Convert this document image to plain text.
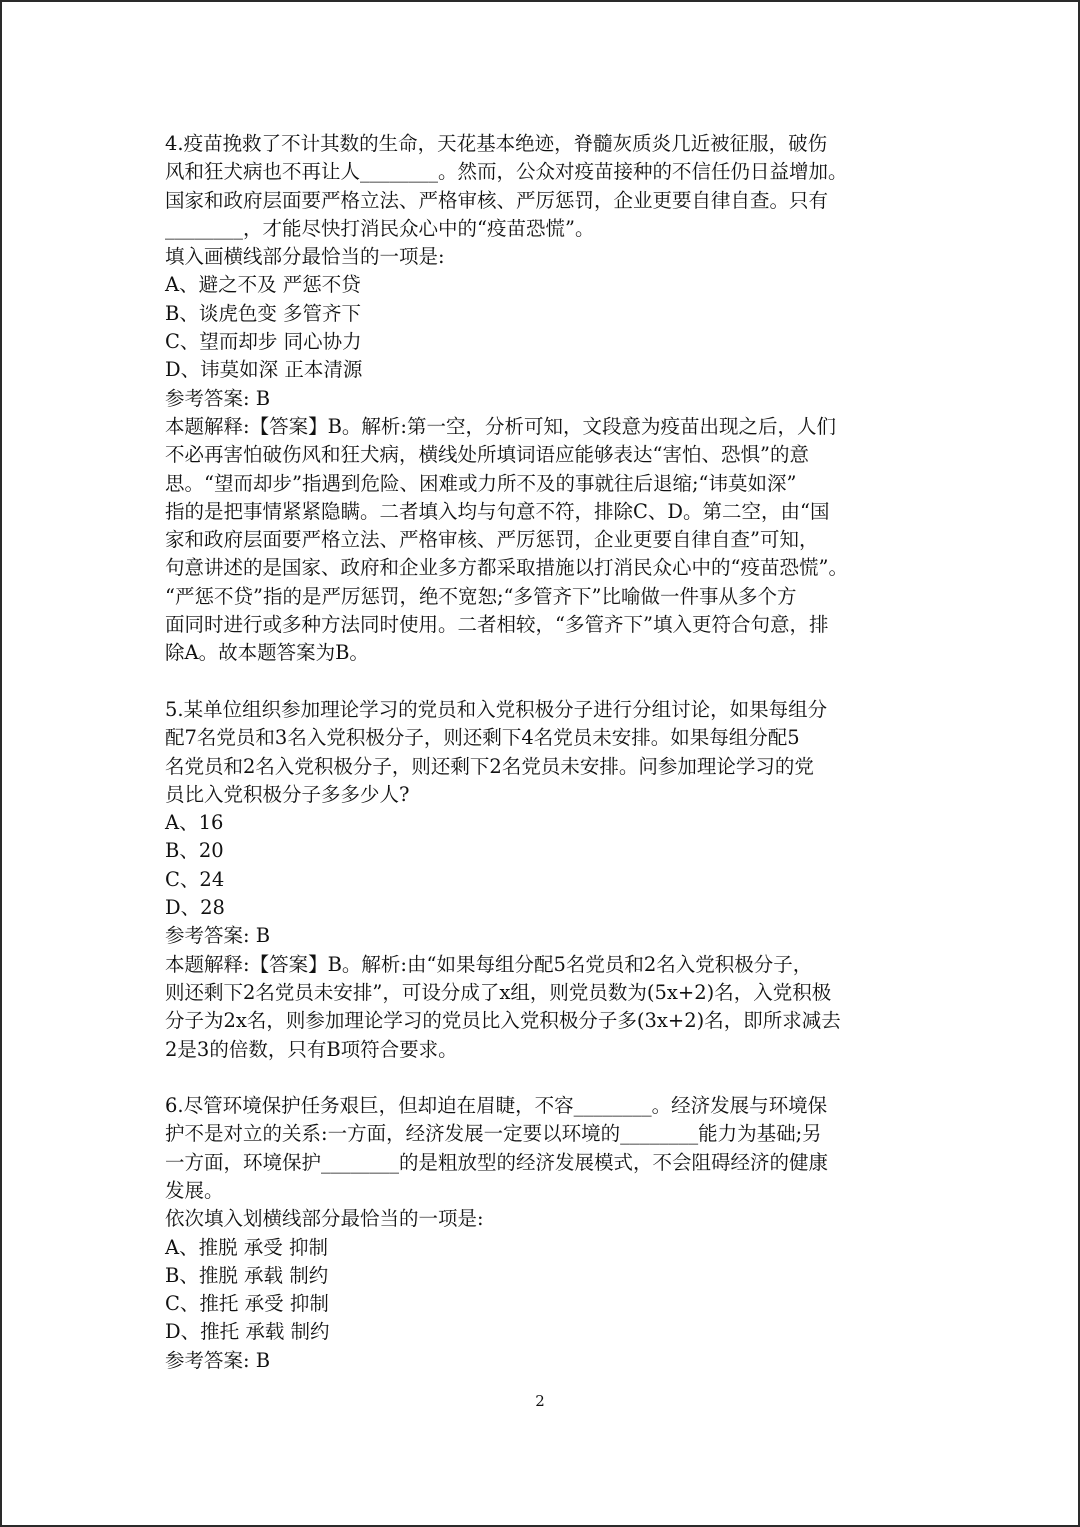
4.疫苗挽救了不计其数的生命，天花基本绝迹，脊髓灰质炎几近被征服，破伤
风和狂犬病也不再让人________。然而，公众对疫苗接种的不信任仍日益增加。
国家和政府层面要严格立法、严格审核、严厉惩罚，企业更要自律自查。只有
________，才能尽快打消民众心中的“疫苗恐慌”。
填入画横线部分最恰当的一项是:
A、避之不及 严惩不贷
B、谈虎色变 多管齐下
C、望而却步 同心协力
D、讳莫如深 正本清源
参考答案: B
本题解释:【答案】B。解析:第一空，分析可知，文段意为疫苗出现之后，人们
不必再害怕破伤风和狂犬病，横线处所填词语应能够表达“害怕、恐惧”的意
思。“望而却步”指遇到危险、困难或力所不及的事就往后退缩;“讳莫如深”
指的是把事情紧紧隐瞒。二者填入均与句意不符，排除C、D。第二空，由“国
家和政府层面要严格立法、严格审核、严厉惩罚，企业更要自律自查”可知，
句意讲述的是国家、政府和企业多方都采取措施以打消民众心中的“疫苗恐慌”。
“严惩不贷”指的是严厉惩罚，绝不宽恕;“多管齐下”比喻做一件事从多个方
面同时进行或多种方法同时使用。二者相较，“多管齐下”填入更符合句意，排
除A。故本题答案为B。
5.某单位组织参加理论学习的党员和入党积极分子进行分组讨论，如果每组分
配7名党员和3名入党积极分子，则还剩下4名党员未安排。如果每组分配5
名党员和2名入党积极分子，则还剩下2名党员未安排。问参加理论学习的党
员比入党积极分子多多少人?
A、16
B、20
C、24
D、28
参考答案: B
本题解释:【答案】B。解析:由“如果每组分配5名党员和2名入党积极分子，
则还剩下2名党员未安排”，可设分成了x组，则党员数为(5x+2)名，入党积极
分子为2x名，则参加理论学习的党员比入党积极分子多(3x+2)名，即所求减去
2是3的倍数，只有B项符合要求。
6.尽管环境保护任务艰巨，但却迫在眉睫，不容________。经济发展与环境保
护不是对立的关系:一方面，经济发展一定要以环境的________能力为基础;另
一方面，环境保护________的是粗放型的经济发展模式，不会阻碍经济的健康
发展。
依次填入划横线部分最恰当的一项是:
A、推脱 承受 抑制
B、推脱 承载 制约
C、推托 承受 抑制
D、推托 承载 制约
参考答案: B
2
